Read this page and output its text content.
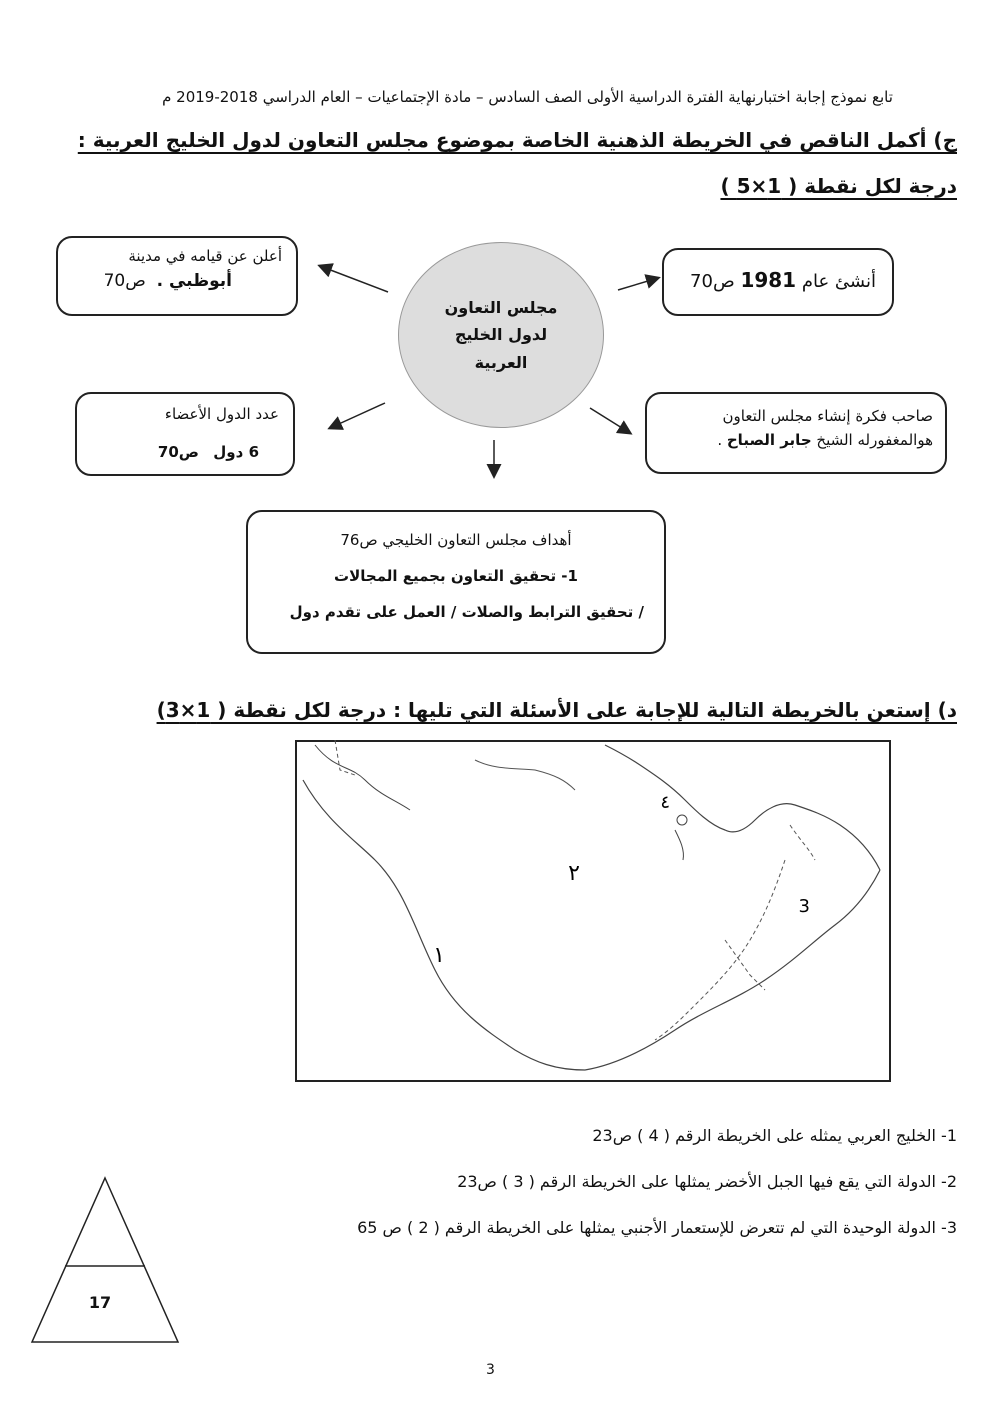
تابع نموذج إجابة اختبارنهاية الفترة الدراسية الأولى الصف السادس – مادة الإجتماعيات – العام الدراسي 2018-2019 م
ج) أكمل الناقص في الخريطة الذهنية الخاصة بموضوع مجلس التعاون لدول الخليج العربية :
درجة لكل نقطة ( 1×5 )
مجلس التعاون
لدول الخليج
العربية
أنشئ عام 1981 ص70
أعلن عن قيامه في مدينة
أبوظبي .  ص70
عدد الدول الأعضاء
6 دول   ص70
صاحب فكرة إنشاء مجلس التعاون
هوالمغفورله الشيخ جابر الصباح .
أهداف مجلس التعاون الخليجي ص76
1- تحقيق التعاون بجميع المجالات
/ تحقيق الترابط والصلات / العمل على تقدم دول
د) إستعن بالخريطة التالية للإجابة على الأسئلة التي تليها : درجة لكل نقطة ( 1×3)
٢
١
3
٤
1- الخليج العربي يمثله على الخريطة الرقم ( 4 ) ص23
2- الدولة التي يقع فيها الجبل الأخضر يمثلها على الخريطة الرقم ( 3 ) ص23
3- الدولة الوحيدة التي لم تتعرض للإستعمار الأجنبي يمثلها على الخريطة الرقم ( 2 ) ص 65
17
3
